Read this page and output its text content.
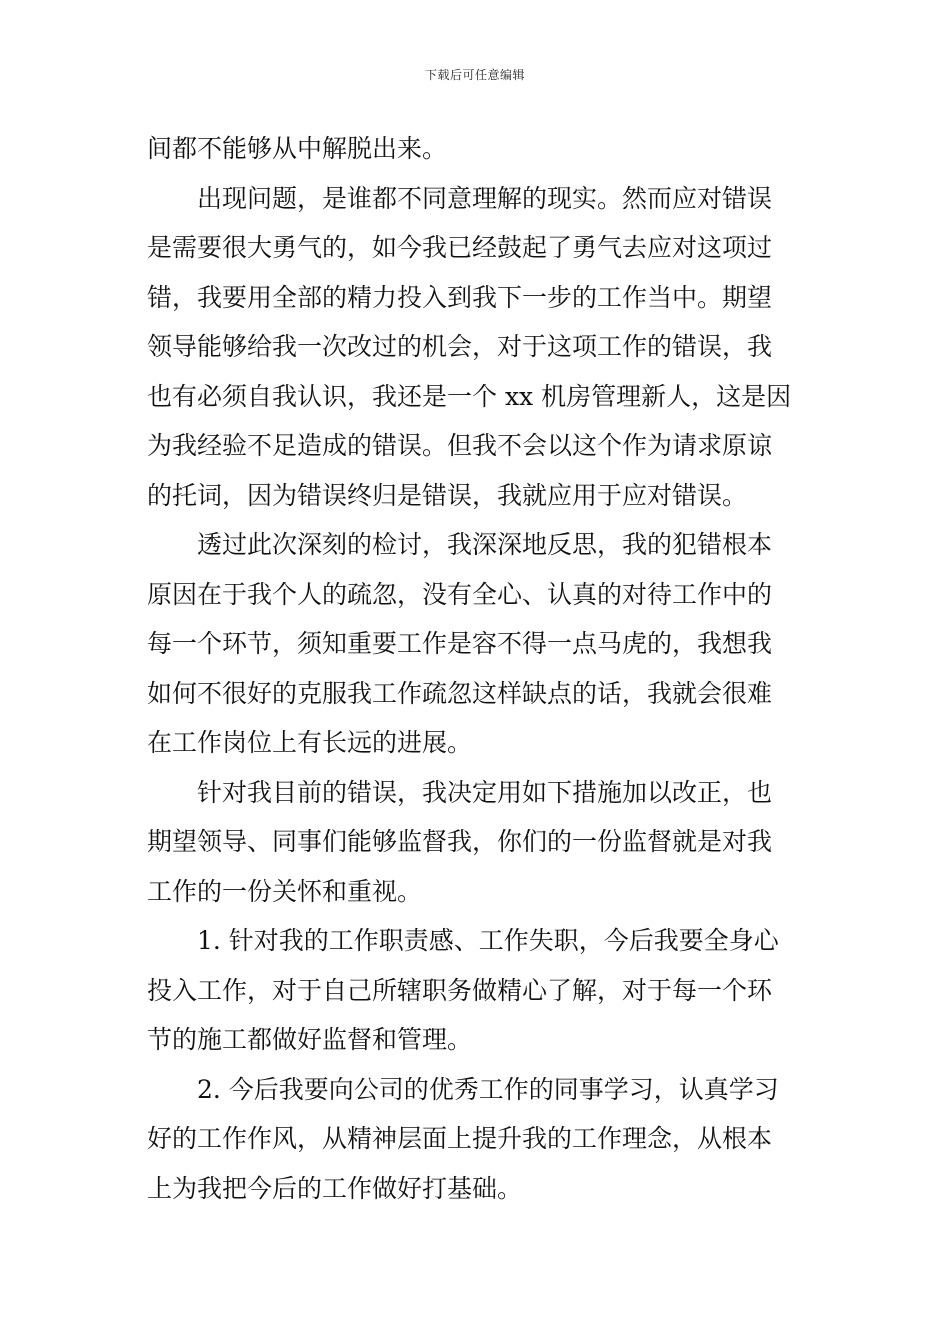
下载后可任意编辑
间都不能够从中解脱出来。
出现问题，是谁都不同意理解的现实。然而应对错误
是需要很大勇气的，如今我已经鼓起了勇气去应对这项过
错，我要用全部的精力投入到我下一步的工作当中。期望
领导能够给我一次改过的机会，对于这项工作的错误，我
也有必须自我认识，我还是一个 xx 机房管理新人，这是因
为我经验不足造成的错误。但我不会以这个作为请求原谅
的托词，因为错误终归是错误，我就应用于应对错误。
透过此次深刻的检讨，我深深地反思，我的犯错根本
原因在于我个人的疏忽，没有全心、认真的对待工作中的
每一个环节，须知重要工作是容不得一点马虎的，我想我
如何不很好的克服我工作疏忽这样缺点的话，我就会很难
在工作岗位上有长远的进展。
针对我目前的错误，我决定用如下措施加以改正，也
期望领导、同事们能够监督我，你们的一份监督就是对我
工作的一份关怀和重视。
1. 针对我的工作职责感、工作失职，今后我要全身心
投入工作，对于自己所辖职务做精心了解，对于每一个环
节的施工都做好监督和管理。
2. 今后我要向公司的优秀工作的同事学习，认真学习
好的工作作风，从精神层面上提升我的工作理念，从根本
上为我把今后的工作做好打基础。
